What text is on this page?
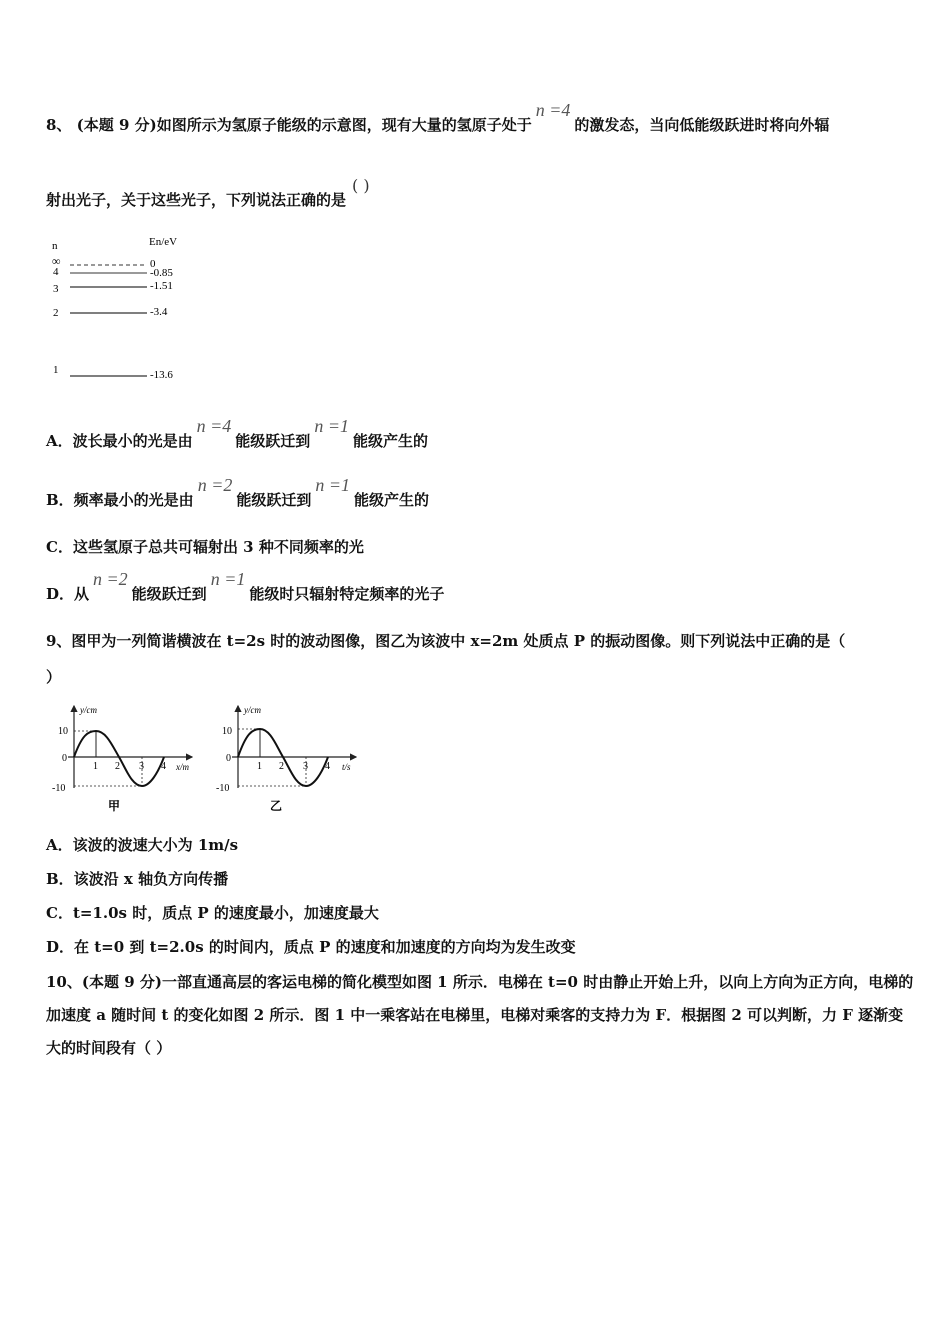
8、 (本题 9 分)如图所示为氢原子能级的示意图，现有大量的氢原子处于n =4的激发态，当向低能级跃进时将向外辐
射出光子，关于这些光子，下列说法正确的是( )
n	En/eV
∞	0
4	-0.85
3	-1.51
2	-3.4
1	-13.6
A．波长最小的光是由n =4能级跃迁到n =1能级产生的
B．频率最小的光是由n =2能级跃迁到n =1能级产生的
C．这些氢原子总共可辐射出 3 种不同频率的光
D．从n =2能级跃迁到n =1能级时只辐射特定频率的光子
9、图甲为一列简谐横波在 t=2s 时的波动图像，图乙为该波中 x=2m 处质点 P 的振动图像。则下列说法中正确的是（
）
y/cm
x/m
10
0
-10
1 2 3 4
甲
y/cm
t/s
10
0
-10
1 2 3 4
乙
A．该波的波速大小为 1m/s
B．该波沿 x 轴负方向传播
C．t=1.0s 时，质点 P 的速度最小，加速度最大
D．在 t=0 到 t=2.0s 的时间内，质点 P 的速度和加速度的方向均为发生改变
10、(本题 9 分)一部直通高层的客运电梯的简化模型如图 1 所示．电梯在 t=0 时由静止开始上升，以向上方向为正方向，电梯的加速度 a 随时间 t 的变化如图 2 所示．图 1 中一乘客站在电梯里，电梯对乘客的支持力为 F．根据图 2 可以判断，力 F 逐渐变大的时间段有（ ）
